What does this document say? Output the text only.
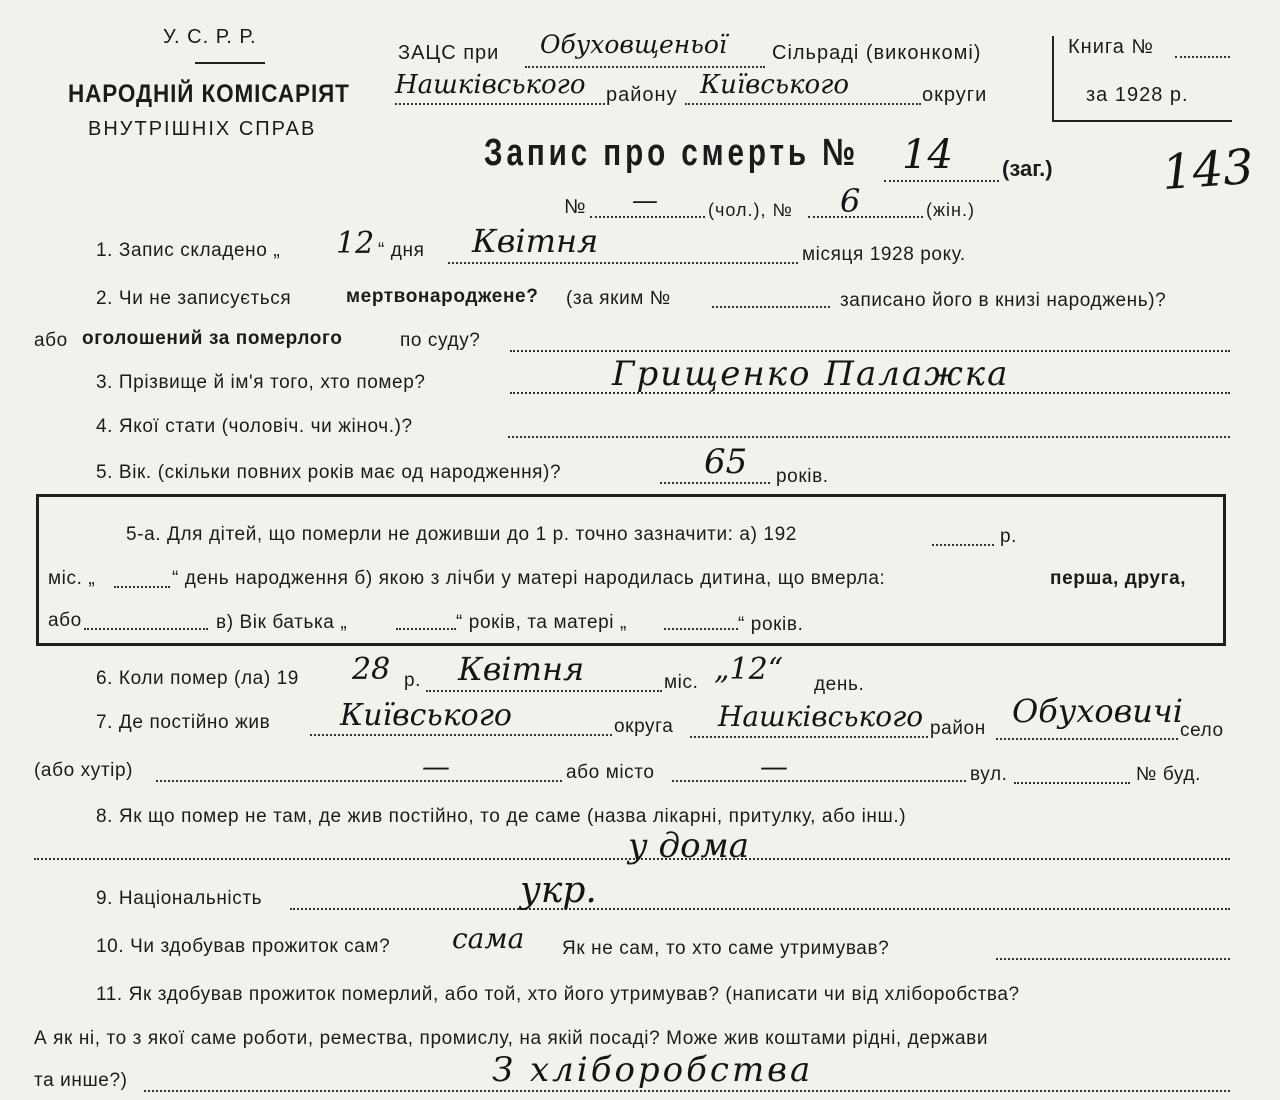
У. С. Р. Р.
НАРОДНІЙ КОМІСАРІЯТ
ВНУТРІШНІХ СПРАВ
ЗАЦС при Обуховщеньої Сільраді (виконкомі)
Нашківського району Київського	округи
Книга №
за 1928 р.
Запис про смерть № 14 (заг.) 143
№ —	(чол.), № 6	(жін.)
1. Запис складено „ 12 “ дня Квітня	місяця 1928 року.
2. Чи не записується	мертвонароджене? (за яким №	записано його в книзі народжень)?
або оголошений за померлого	по суду?
3. Прізвище й ім'я того, хто помер?	Грищенко Палажка
4. Якої стати (чоловіч. чи жіноч.)?
5. Вік. (скільки повних років має од народження)?	65 років.
5-а. Для дітей, що померли не доживши до 1 р. точно зазначити: а) 192	р.
міс. „	“ день народження б) якою з лічби у матері народилась дитина, що вмерла:	перша, друга,
або	в) Вік батька „	“ років, та матері „	“ років.
6. Коли помер (ла) 19 28 р. Квітня	міс. „12“ день.
7. Де постійно жив Київського	округа Нашківського район Обуховичі
село
(або хутір)	—	або місто	—	вул.	№ буд.
8. Як що помер не там, де жив постійно, то де саме (назва лікарні, притулку, або інш.)
у дома
9. Національність	укр.
10. Чи здобував прожиток сам? сама Як не сам, то хто саме утримував?
11. Як здобував прожиток померлий, або той, хто його утримував? (написати чи від хліборобства?
А як ні, то з якої саме роботи, ремества, промислу, на якій посаді? Може жив коштами рідні, держави
та инше?)	З хліборобства
